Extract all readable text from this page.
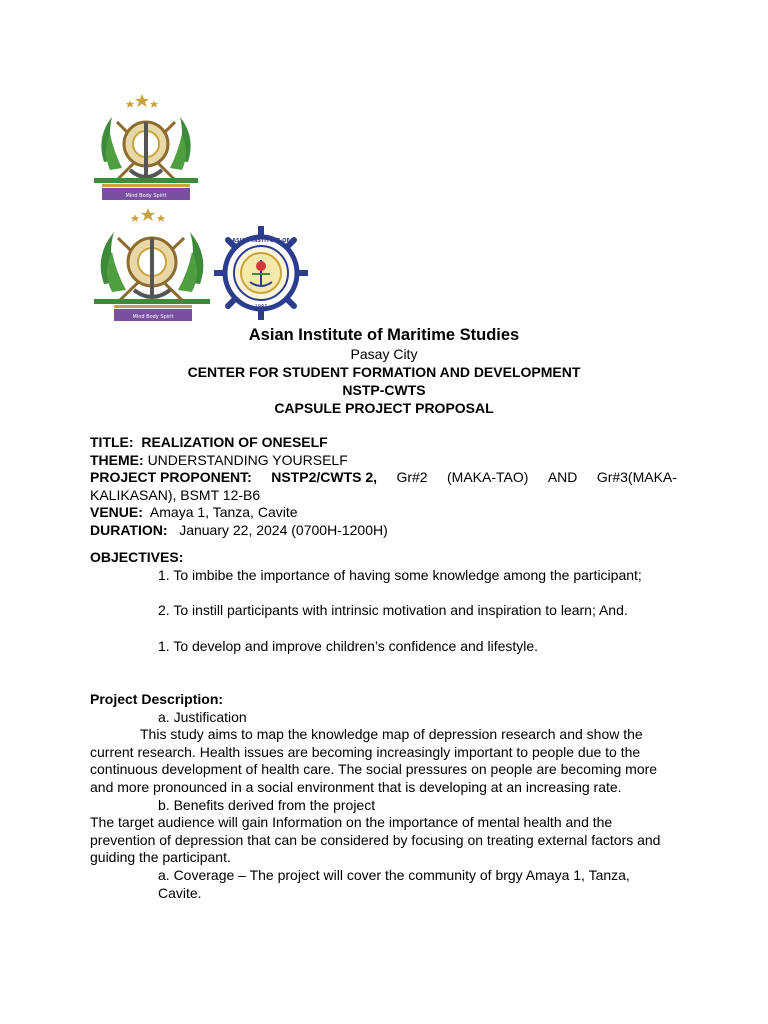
Mind Body Spirit
Mind Body Spirit
ASIAN INSTITUTE OF
1993
Asian Institute of Maritime Studies
Pasay City
CENTER FOR STUDENT FORMATION AND DEVELOPMENT
NSTP-CWTS
CAPSULE PROJECT PROPOSAL
TITLE: REALIZATION OF ONESELF
THEME: UNDERSTANDING YOURSELF
PROJECT PROPONENT: NSTP2/CWTS 2, Gr#2 (MAKA-TAO) AND Gr#3(MAKA-
KALIKASAN), BSMT 12-B6
VENUE: Amaya 1, Tanza, Cavite
DURATION: January 22, 2024 (0700H-1200H)
OBJECTIVES:
1. To imbibe the importance of having some knowledge among the participant;
2. To instill participants with intrinsic motivation and inspiration to learn; And.
1. To develop and improve children’s confidence and lifestyle.
Project Description:
a. Justification
This study aims to map the knowledge map of depression research and show the current research. Health issues are becoming increasingly important to people due to the continuous development of health care. The social pressures on people are becoming more and more pronounced in a social environment that is developing at an increasing rate.
b. Benefits derived from the project
The target audience will gain Information on the importance of mental health and the prevention of depression that can be considered by focusing on treating external factors and guiding the participant.
a. Coverage – The project will cover the community of brgy Amaya 1, Tanza, Cavite.
